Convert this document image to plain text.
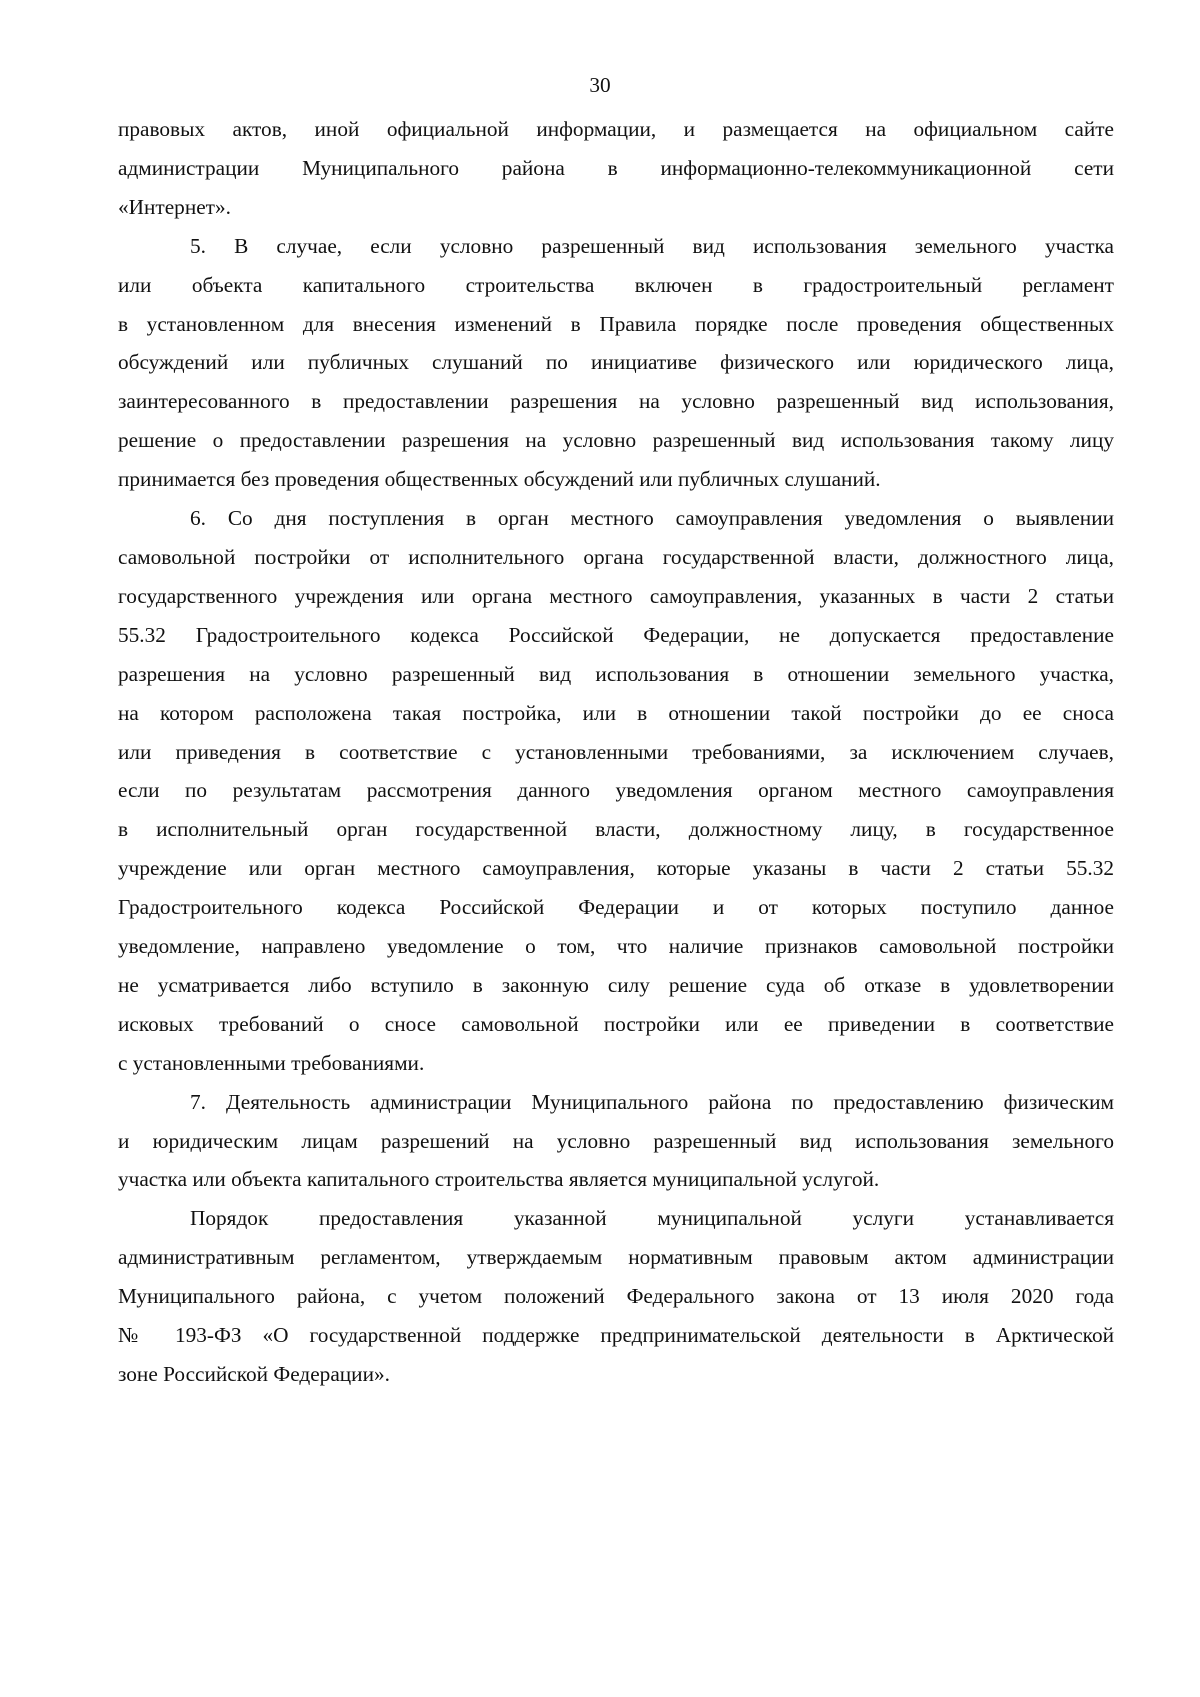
30
правовых актов, иной официальной информации, и размещается на официальном сайте
администрации Муниципального района в информационно-телекоммуникационной сети
«Интернет».
5. В случае, если условно разрешенный вид использования земельного участка
или объекта капитального строительства включен в градостроительный регламент
в установленном для внесения изменений в Правила порядке после проведения общественных
обсуждений или публичных слушаний по инициативе физического или юридического лица,
заинтересованного в предоставлении разрешения на условно разрешенный вид использования,
решение о предоставлении разрешения на условно разрешенный вид использования такому лицу
принимается без проведения общественных обсуждений или публичных слушаний.
6. Со дня поступления в орган местного самоуправления уведомления о выявлении
самовольной постройки от исполнительного органа государственной власти, должностного лица,
государственного учреждения или органа местного самоуправления, указанных в части 2 статьи
55.32 Градостроительного кодекса Российской Федерации, не допускается предоставление
разрешения на условно разрешенный вид использования в отношении земельного участка,
на котором расположена такая постройка, или в отношении такой постройки до ее сноса
или приведения в соответствие с установленными требованиями, за исключением случаев,
если по результатам рассмотрения данного уведомления органом местного самоуправления
в исполнительный орган государственной власти, должностному лицу, в государственное
учреждение или орган местного самоуправления, которые указаны в части 2 статьи 55.32
Градостроительного кодекса Российской Федерации и от которых поступило данное
уведомление, направлено уведомление о том, что наличие признаков самовольной постройки
не усматривается либо вступило в законную силу решение суда об отказе в удовлетворении
исковых требований о сносе самовольной постройки или ее приведении в соответствие
с установленными требованиями.
7. Деятельность администрации Муниципального района по предоставлению физическим
и юридическим лицам разрешений на условно разрешенный вид использования земельного
участка или объекта капитального строительства является муниципальной услугой.
Порядок предоставления указанной муниципальной услуги устанавливается
административным регламентом, утверждаемым нормативным правовым актом администрации
Муниципального района, с учетом положений Федерального закона от 13 июля 2020 года
№ 193-ФЗ «О государственной поддержке предпринимательской деятельности в Арктической
зоне Российской Федерации».
